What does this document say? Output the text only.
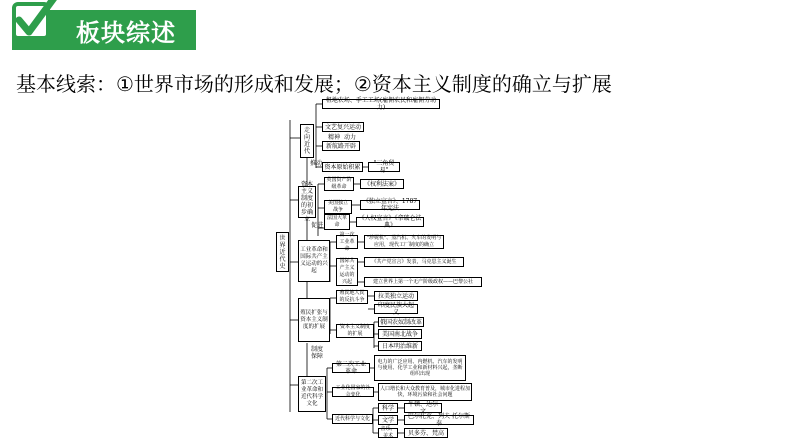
板块综述
基本线索：①世界市场的形成和发展；②资本主义制度的确立与扩展
世界近代史
走向近代
资本主义制度的初步确立
工业革命和国际共产主义运动的兴起
殖民扩张与资本主义制度的扩展
第二次工业革命和近代科学文化
推动
促进
制度保障
租地农场、手工工场(雇佣农民和雇佣劳动力)
文艺复兴运动
精神 动力
新航路开辟
资本原始积累	"三角贸易"
英国资产阶级革命
美国独立战争
法国大革命
《权利法案》
《独立宣言》、1787年宪法
《人权宣言》《拿破仑法典》
第一次工业革命
国际共产主义运动的兴起
"珍妮机"、蒸汽机、火车的发明与应用，现代工厂制度的确立
《共产党宣言》发表，马克思主义诞生
建立世界上第一个无产阶级政权——巴黎公社
殖民地人民的反抗斗争
资本主义制度的扩展
拉美独立运动
印度民族大起义
俄国农奴制改革
美国南北战争
日本明治维新
第二次工业革命
工业化国家的社会变化
近代科学与文化
电力的广泛应用、内燃机、汽车的发明与使用、化学工业和新材料兴起，垄断组织出现
人口増长和大众教育普及，城市化进程加快，环境污染和社会问题
科学	牛顿、达尔文
文学	巴尔扎克、列夫·托尔斯泰
音乐、美术	贝多芬、梵高
